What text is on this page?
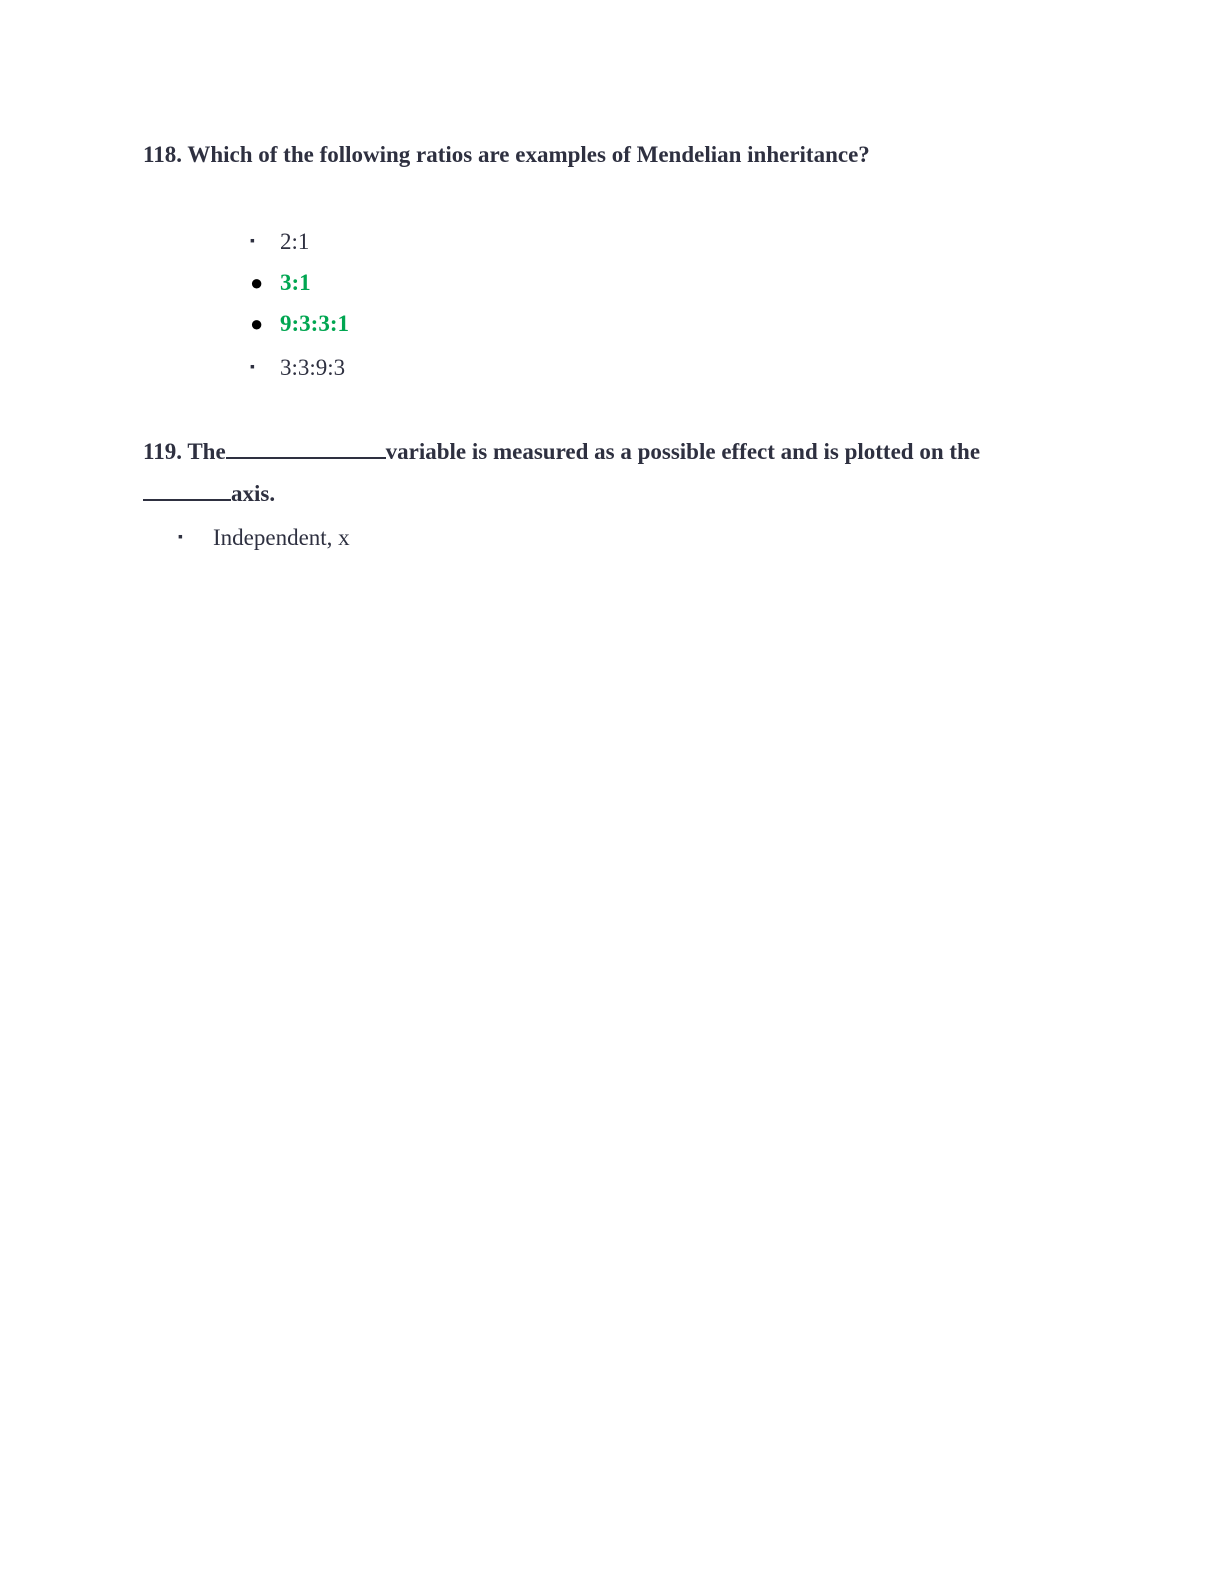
118. Which of the following ratios are examples of Mendelian inheritance?

▪	2:1
● 3:1
● 9:3:3:1
▪	3:3:9:3

119. The	variable is measured as a possible effect and is plotted on the

axis.

▪	Independent, x
